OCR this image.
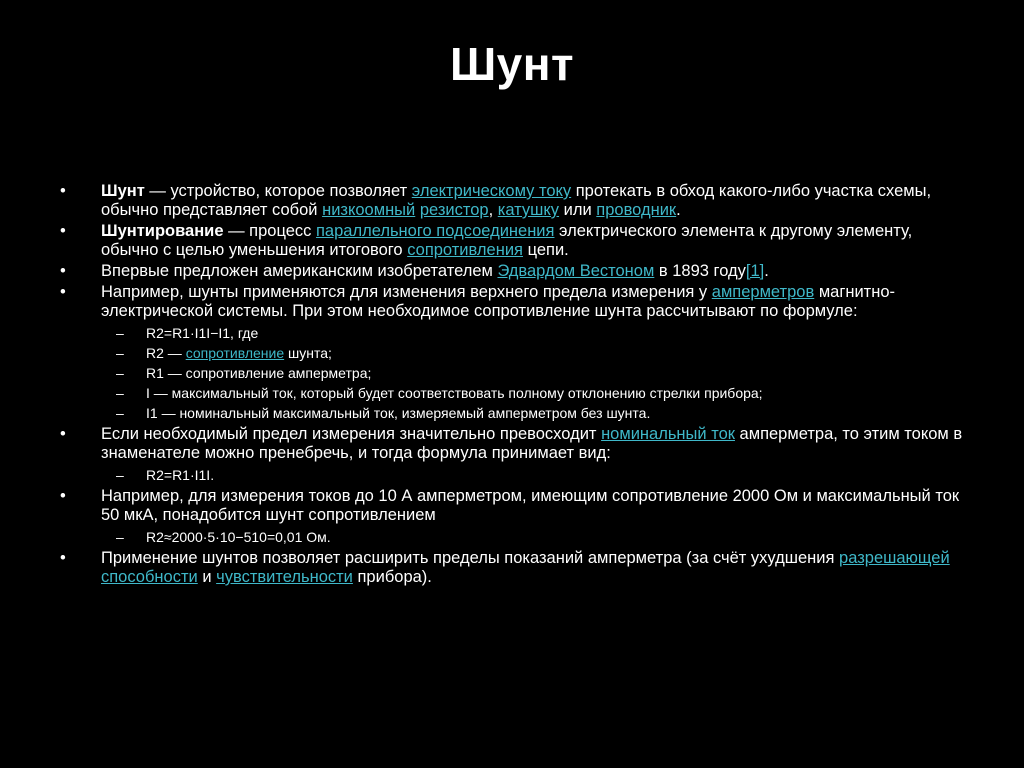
Шунт
•	Шунт — устройство, которое позволяет электрическому току протекать в обход какого-либо участка схемы, обычно представляет собой низкоомный резистор, катушку или проводник.
•	Шунтирование — процесс параллельного подсоединения электрического элемента к другому элементу, обычно с целью уменьшения итогового сопротивления цепи.
•	Впервые предложен американским изобретателем Эдвардом Вестоном в 1893 году[1].
•	Например, шунты применяются для изменения верхнего предела измерения у амперметров магнитно-электрической системы. При этом необходимое сопротивление шунта рассчитывают по формуле:
– R2=R1·I1I−I1, где
– R2 — сопротивление шунта;
– R1 — сопротивление амперметра;
– I — максимальный ток, который будет соответствовать полному отклонению стрелки прибора;
– I1 — номинальный максимальный ток, измеряемый амперметром без шунта.
•	Если необходимый предел измерения значительно превосходит номинальный ток амперметра, то этим током в знаменателе можно пренебречь, и тогда формула принимает вид:
– R2=R1·I1I.
•	Например, для измерения токов до 10 А амперметром, имеющим сопротивление 2000 Ом и максимальный ток 50 мкА, понадобится шунт сопротивлением
– R2≈2000·5·10−510=0,01 Ом.
•	Применение шунтов позволяет расширить пределы показаний амперметра (за счёт ухудшения разрешающей способности и чувствительности прибора).
